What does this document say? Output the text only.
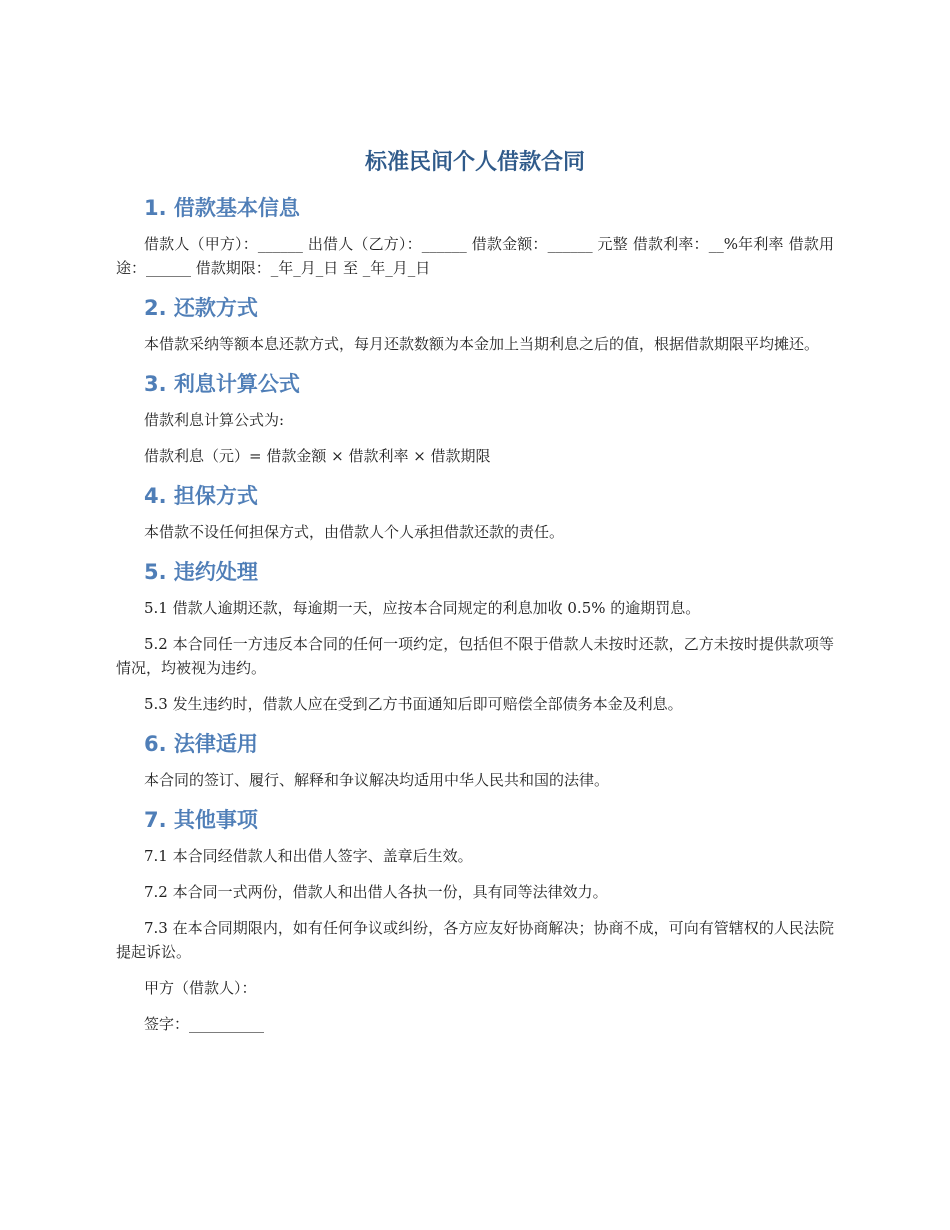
标准民间个人借款合同
1. 借款基本信息

借款人（甲方）：______ 出借人（乙方）：______ 借款金额：______ 元整 借款利率：__%年利率 借款用途：______ 借款期限：_年_月_日 至 _年_月_日

2. 还款方式

本借款采纳等额本息还款方式，每月还款数额为本金加上当期利息之后的值，根据借款期限平均摊还。

3. 利息计算公式

借款利息计算公式为:

借款利息（元）= 借款金额 × 借款利率 × 借款期限

4. 担保方式

本借款不设任何担保方式，由借款人个人承担借款还款的责任。

5. 违约处理

5.1 借款人逾期还款，每逾期一天，应按本合同规定的利息加收 0.5% 的逾期罚息。

5.2 本合同任一方违反本合同的任何一项约定，包括但不限于借款人未按时还款，乙方未按时提供款项等情况，均被视为违约。

5.3 发生违约时，借款人应在受到乙方书面通知后即可赔偿全部债务本金及利息。

6. 法律适用

本合同的签订、履行、解释和争议解决均适用中华人民共和国的法律。

7. 其他事项

7.1 本合同经借款人和出借人签字、盖章后生效。

7.2 本合同一式两份，借款人和出借人各执一份，具有同等法律效力。

7.3 在本合同期限内，如有任何争议或纠纷，各方应友好协商解决；协商不成，可向有管辖权的人民法院提起诉讼。

甲方（借款人）：

签字：__________
